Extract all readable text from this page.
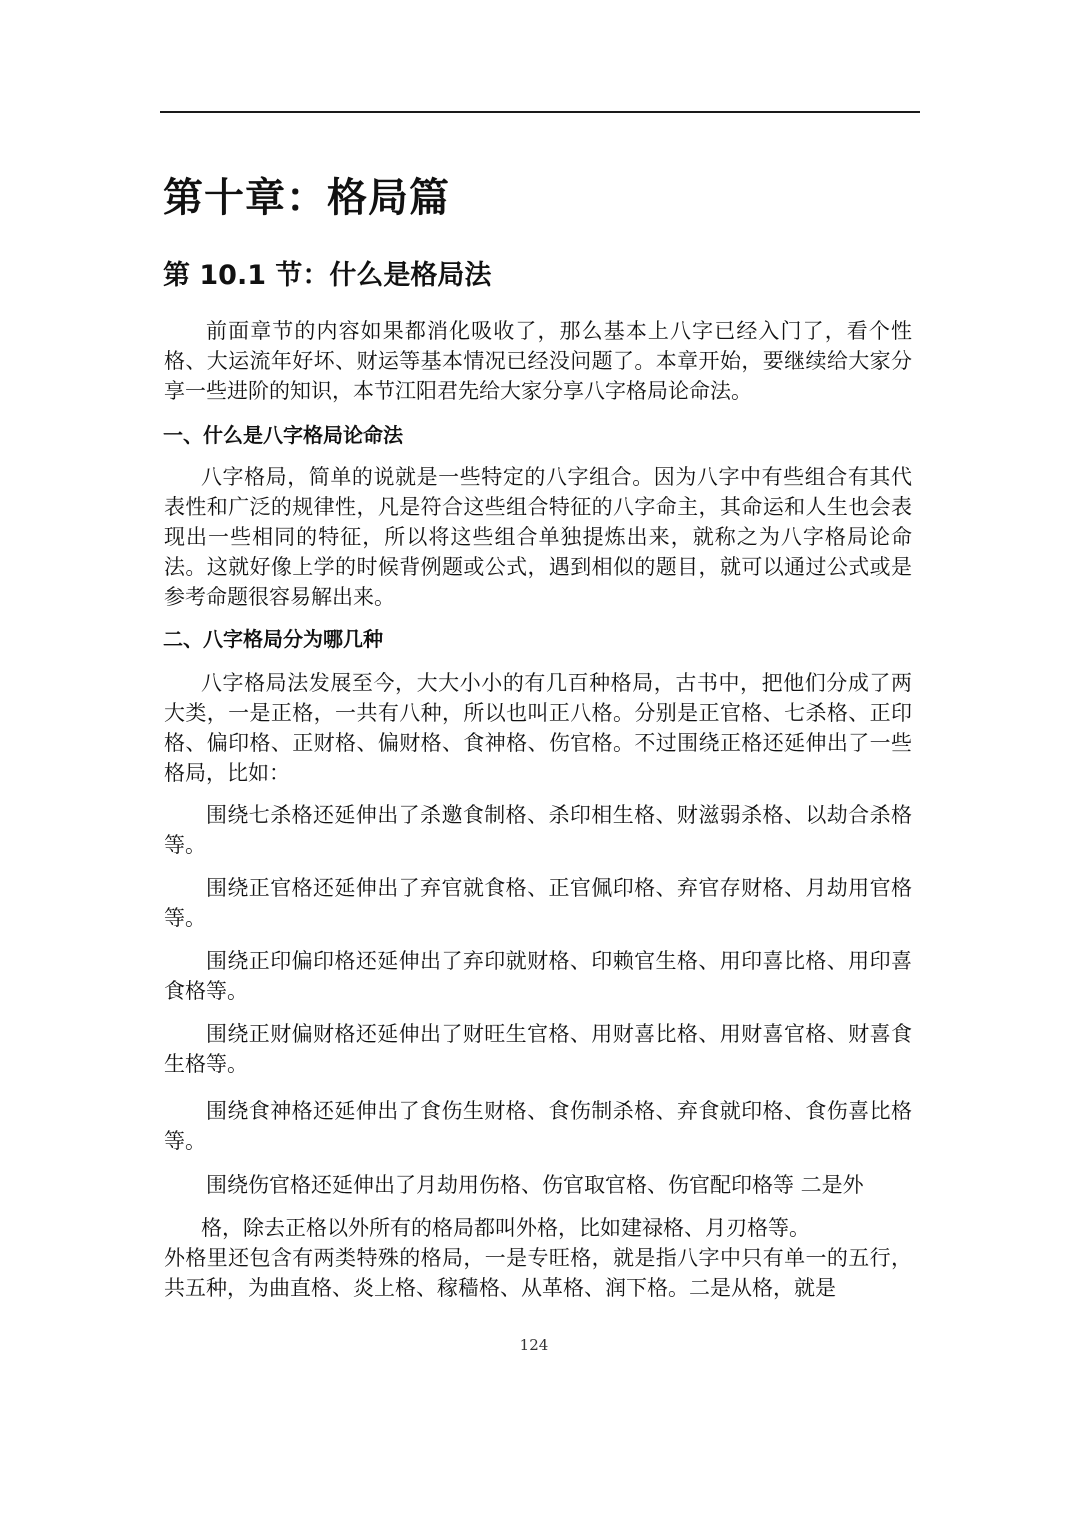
第十章：格局篇
第 10.1 节：什么是格局法

前面章节的内容如果都消化吸收了，那么基本上八字已经入门了，看个性格、大运流年好坏、财运等基本情况已经没问题了。本章开始，要继续给大家分享一些进阶的知识，本节江阳君先给大家分享八字格局论命法。

一、什么是八字格局论命法

八字格局，简单的说就是一些特定的八字组合。因为八字中有些组合有其代表性和广泛的规律性，凡是符合这些组合特征的八字命主，其命运和人生也会表现出一些相同的特征，所以将这些组合单独提炼出来，就称之为八字格局论命法。这就好像上学的时候背例题或公式，遇到相似的题目，就可以通过公式或是参考命题很容易解出来。

二、八字格局分为哪几种

八字格局法发展至今，大大小小的有几百种格局，古书中，把他们分成了两大类，一是正格，一共有八种，所以也叫正八格。分别是正官格、七杀格、正印格、偏印格、正财格、偏财格、食神格、伤官格。不过围绕正格还延伸出了一些格局，比如：

围绕七杀格还延伸出了杀邀食制格、杀印相生格、财滋弱杀格、以劫合杀格等。

围绕正官格还延伸出了弃官就食格、正官佩印格、弃官存财格、月劫用官格等。

围绕正印偏印格还延伸出了弃印就财格、印赖官生格、用印喜比格、用印喜食格等。

围绕正财偏财格还延伸出了财旺生官格、用财喜比格、用财喜官格、财喜食生格等。

围绕食神格还延伸出了食伤生财格、食伤制杀格、弃食就印格、食伤喜比格等。

围绕伤官格还延伸出了月劫用伤格、伤官取官格、伤官配印格等 二是外

格，除去正格以外所有的格局都叫外格，比如建禄格、月刃格等。

外格里还包含有两类特殊的格局，一是专旺格，就是指八字中只有单一的五行，共五种，为曲直格、炎上格、稼穑格、从革格、润下格。二是从格，就是

124
